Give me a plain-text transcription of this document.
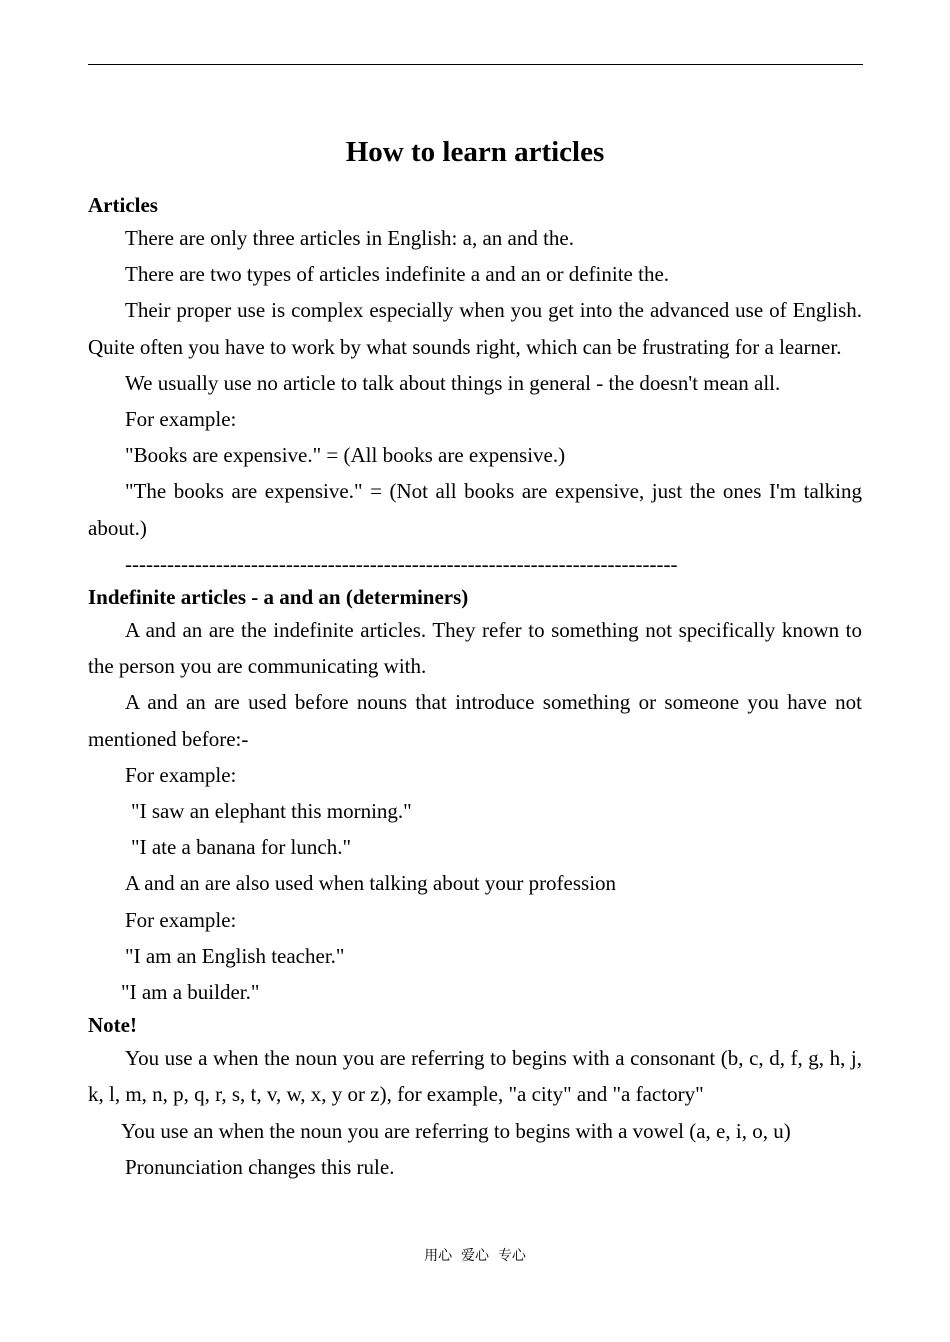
How to learn articles
Articles

There are only three articles in English: a, an and the.

There are two types of articles indefinite a and an or definite the.

Their proper use is complex especially when you get into the advanced use of English. Quite often you have to work by what sounds right, which can be frustrating for a learner.

We usually use no article to talk about things in general - the doesn't mean all.

For example:

"Books are expensive." = (All books are expensive.)

"The books are expensive." = (Not all books are expensive, just the ones I'm talking about.)

-------------------------------------------------------------------------------

Indefinite articles - a and an (determiners)

A and an are the indefinite articles. They refer to something not specifically known to the person you are communicating with.

A and an are used before nouns that introduce something or someone you have not mentioned before:-

For example:

"I saw an elephant this morning."

"I ate a banana for lunch."

A and an are also used when talking about your profession

For example:

"I am an English teacher."

"I am a builder."

Note!

You use a when the noun you are referring to begins with a consonant (b, c, d, f, g, h, j, k, l, m, n, p, q, r, s, t, v, w, x, y or z), for example, "a city" and "a factory"

You use an when the noun you are referring to begins with a vowel (a, e, i, o, u)

Pronunciation changes this rule.

用心  爱心  专心
